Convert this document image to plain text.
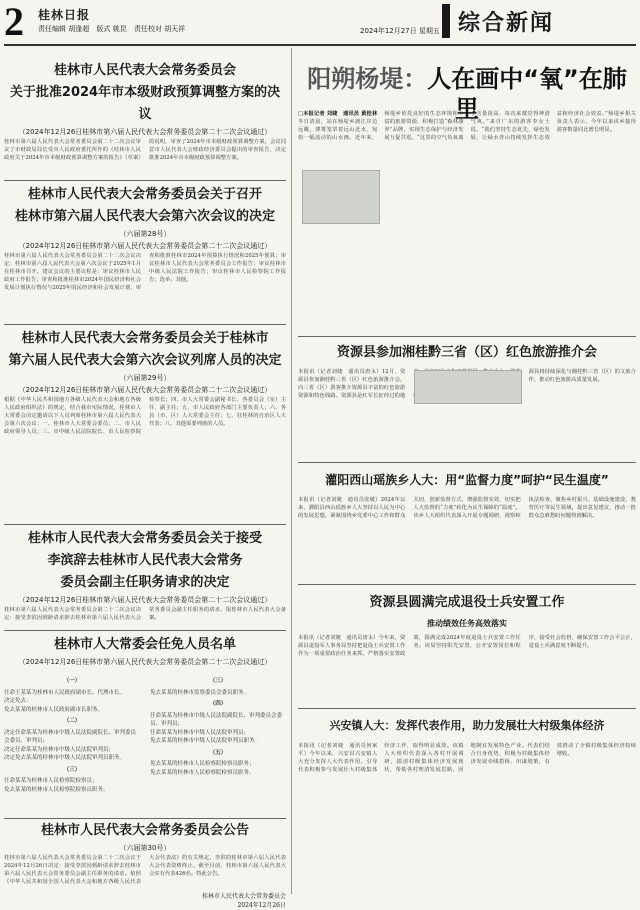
2 桂林日报
责任编辑 胡逢超 版式 姚昆 责任校对 胡天祥	2024年12月27日 星期五 综合新闻
桂林市人民代表大会常务委员会
关于批准2024年市本级财政预算调整方案的决议
（2024年12月26日桂林市第六届人民代表大会常务委员会第二十二次会议通过）
桂林市第六届人民代表大会常务委员会第二十二次会议审议了市财政局局长受市人民政府委托所作的《桂林市人民政府关于2024年市本级财政预算调整方案的报告》（草案）的说明，审查了2024年市本级财政预算调整方案。会议同意市人民代表大会财政经济委员会提出的审查报告，决定批准2024年市本级财政预算调整方案。
桂林市人民代表大会常务委员会关于召开
桂林市第六届人民代表大会第六次会议的决定
（六届第28号）
（2024年12月26日桂林市第六届人民代表大会常务委员会第二十二次会议通过）
桂林市第六届人民代表大会常务委员会第二十二次会议决定：桂林市第六届人民代表大会第六次会议于2025年1月在桂林市召开。建议会议的主要议程是：审议桂林市人民政府工作报告；审查和批准桂林市2024年国民经济和社会发展计划执行情况与2025年国民经济和社会发展计划，审查和批准桂林市2024年预算执行情况和2025年预算；审议桂林市人民代表大会常务委员会工作报告；审议桂林市中级人民法院工作报告；审议桂林市人民检察院工作报告；选举；其他。
桂林市人民代表大会常务委员会关于桂林市
第六届人民代表大会第六次会议列席人员的决定
（六届第29号）
（2024年12月26日桂林市第六届人民代表大会常务委员会第二十二次会议通过）
根据《中华人民共和国地方各级人民代表大会和地方各级人民政府组织法》的规定，结合我市实际情况，桂林市人大常委会决定邀请以下人员列席桂林市第六届人民代表大会第六次会议：一、桂林市人大常委会委员；二、市人民政府领导人员；三、市中级人民法院院长、市人民检察院检察长；四、市人大常委会副秘书长、各委员会（室）主任、副主任；五、市人民政府各部门主要负责人；六、各县（市、区）人大常委会主任；七、驻桂林的自治区人大代表；八、其他需要列席的人员。
桂林市人民代表大会常务委员会关于接受
李滨辞去桂林市人民代表大会常务
委员会副主任职务请求的决定
（2024年12月26日桂林市第六届人民代表大会常务委员会第二十二次会议通过）
桂林市第六届人民代表大会常务委员会第二十二次会议决定：接受李滨因到龄请求辞去桂林市第六届人民代表大会常务委员会副主任职务的请求，报桂林市人民代表大会备案。
桂林市人大常委会任免人员名单
（2024年12月26日桂林市第六届人民代表大会常务委员会第二十二次会议通过）
（一）
任命王某某为桂林市人民政府副市长、代理市长。
决定免去：
免去某某的桂林市人民政府副市长职务。
（二）
决定任命某某为桂林市中级人民法院副院长、审判委员会委员、审判员；
决定任命某某为桂林市中级人民法院审判员；
决定免去某某的桂林市中级人民法院审判员职务。
（三）
任命某某为桂林市人民检察院检察员；
免去某某的桂林市人民检察院检察员职务。
（三）
免去某某的桂林市监察委员会委员职务。
（四）
任命某某为桂林市中级人民法院副院长、审判委员会委员、审判员；
任命某某为桂林市中级人民法院审判员；
免去某某的桂林市中级人民法院审判员职务。
（五）
免去某某的桂林市人民检察院检察员职务；
免去某某的桂林市人民检察院检察员职务。
桂林市人民代表大会常务委员会公告
（六届第30号）
桂林市第六届人民代表大会常务委员会第二十二次会议于2024年12月26日决定：接受李滨因到龄请求辞去桂林市第六届人民代表大会常务委员会副主任职务的请求。依照《中华人民共和国全国人民代表大会和地方各级人民代表大会代表法》的有关规定，李滨的桂林市第六届人民代表大会代表资格终止。截至目前，桂林市第六届人民代表大会实有代表426名。特此公告。
桂林市人民代表大会常务委员会
2024年12月26日
阳朔杨堤：人在画中“氧”在肺里
□本报记者 刘婕　通讯员 黄桂林 冬日清晨，站在杨堤乡漓江岸边远眺，薄雾笼罩着远山近水，宛如一幅流动的山水画。近年来，杨堤乡依托良好的生态环境和丰富的旅游资源，积极打造“森林康养”品牌，实现生态保护与经济发展互促共进。“这里的空气负氧离子含量很高，每次来都觉得神清气爽。”来自广东的游客李女士说。“我们坚持生态优先、绿色发展，让绿水青山持续发挥生态效益和经济社会效益。”杨堤乡相关负责人表示，今年以来该乡接待游客数量同比增长明显。
资源县参加湘桂黔三省（区）红色旅游推介会
本报讯（记者刘婕　通讯员唐永）12月，资源县参加湘桂黔三省（区）红色旅游推介会，向三省（区）游客推介资源县丰富的红色旅游资源和特色线路。资源县是红军长征经过的地 源县将持续深化与湘桂黔三省（区）的文旅合作，推动红色旅游高质量发展。
灌阳西山瑶族乡人大：用“监督力度”呵护“民生温度”
本报讯（记者刘婕　通讯员张敏）2024年以来，灌阳县西山瑶族乡人大坚持以人民为中心的发展思想，紧紧围绕乡党委中心工作和群众关切，创新监督方式，增强监督实效，切实把人大监督的“力度”转化为民生保障的“温度”。该乡人大组织代表深入开展专题调研、视察和执法检查，聚焦乡村振兴、基础设施建设、教育医疗等民生领域，提出意见建议，推动一批群众急难愁盼问题得到解决。
资源县圆满完成退役士兵安置工作
推动绩效任务高效落实
本报讯（记者刘婕　通讯员唐永）今年来，资源县退役军人事务局坚持把退役士兵安置工作作为一项重要政治任务来抓，严格落实安置政策，圆满完成2024年度退役士兵安置工作任务。该局坚持阳光安置，公开安置岗位和程序，接受社会监督，确保安置工作公平公正，退役士兵满意度不断提升。
兴安镇人大：发挥代表作用，助力发展壮大村级集体经济
本报讯（记者刘婕　通讯员何家平）今年以来，兴安县兴安镇人大充分发挥人大代表作用，引导代表积极参与发展壮大村级集体经济工作，取得明显成效。该镇人大组织代表深入各村开展调研，摸清村级集体经济发展现状，帮助各村理清发展思路，因地制宜发展特色产业。代表们结合自身优势，积极为村级集体经济发展牵线搭桥、出谋划策，有效推动了全镇村级集体经济持续增收。
